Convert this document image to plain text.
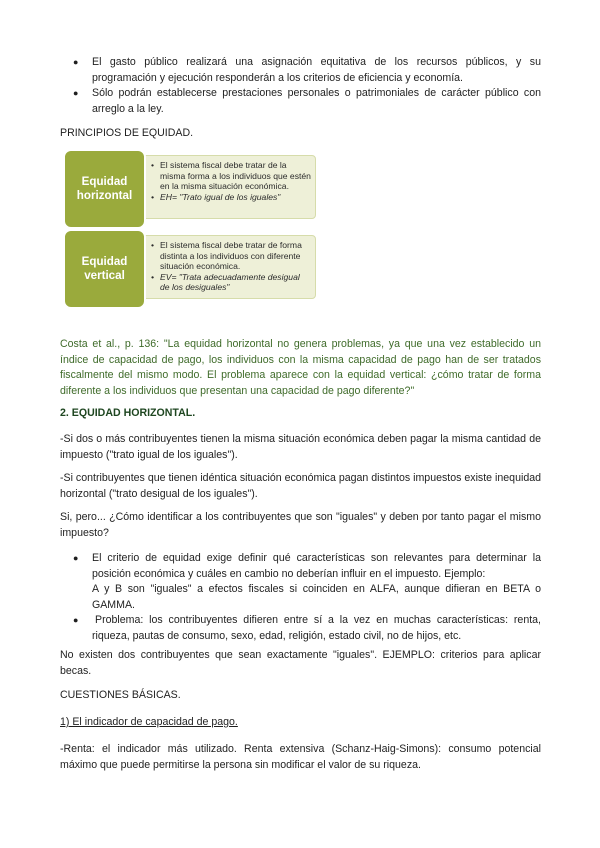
● El gasto público realizará una asignación equitativa de los recursos públicos, y su programación y ejecución responderán a los criterios de eficiencia y economía.
● Sólo podrán establecerse prestaciones personales o patrimoniales de carácter público con arreglo a la ley.

PRINCIPIOS DE EQUIDAD.

• El sistema fiscal debe tratar de la misma forma a los individuos que estén en la misma situación económica.
• EH= "Trato igual de los iguales"
Equidad horizontal
• El sistema fiscal debe tratar de forma distinta a los individuos con diferente situación económica.
• EV= "Trata adecuadamente desigual de los desiguales"
Equidad vertical

Costa et al., p. 136: "La equidad horizontal no genera problemas, ya que una vez establecido un índice de capacidad de pago, los individuos con la misma capacidad de pago han de ser tratados fiscalmente del mismo modo. El problema aparece con la equidad vertical: ¿cómo tratar de forma diferente a los individuos que presentan una capacidad de pago diferente?"

2. EQUIDAD HORIZONTAL.

-Si dos o más contribuyentes tienen la misma situación económica deben pagar la misma cantidad de impuesto ("trato igual de los iguales").

-Si contribuyentes que tienen idéntica situación económica pagan distintos impuestos existe inequidad horizontal ("trato desigual de los iguales").

Si, pero... ¿Cómo identificar a los contribuyentes que son "iguales" y deben por tanto pagar el mismo impuesto?

● El criterio de equidad exige definir qué características son relevantes para determinar la posición económica y cuáles en cambio no deberían influir en el impuesto. Ejemplo:
A y B son "iguales" a efectos fiscales si coinciden en ALFA, aunque difieran en BETA o GAMMA.
● Problema: los contribuyentes difieren entre sí a la vez en muchas características: renta, riqueza, pautas de consumo, sexo, edad, religión, estado civil, no de hijos, etc.

No existen dos contribuyentes que sean exactamente "iguales". EJEMPLO: criterios para aplicar becas.

CUESTIONES BÁSICAS.

1) El indicador de capacidad de pago.

-Renta: el indicador más utilizado. Renta extensiva (Schanz-Haig-Simons): consumo potencial máximo que puede permitirse la persona sin modificar el valor de su riqueza.
